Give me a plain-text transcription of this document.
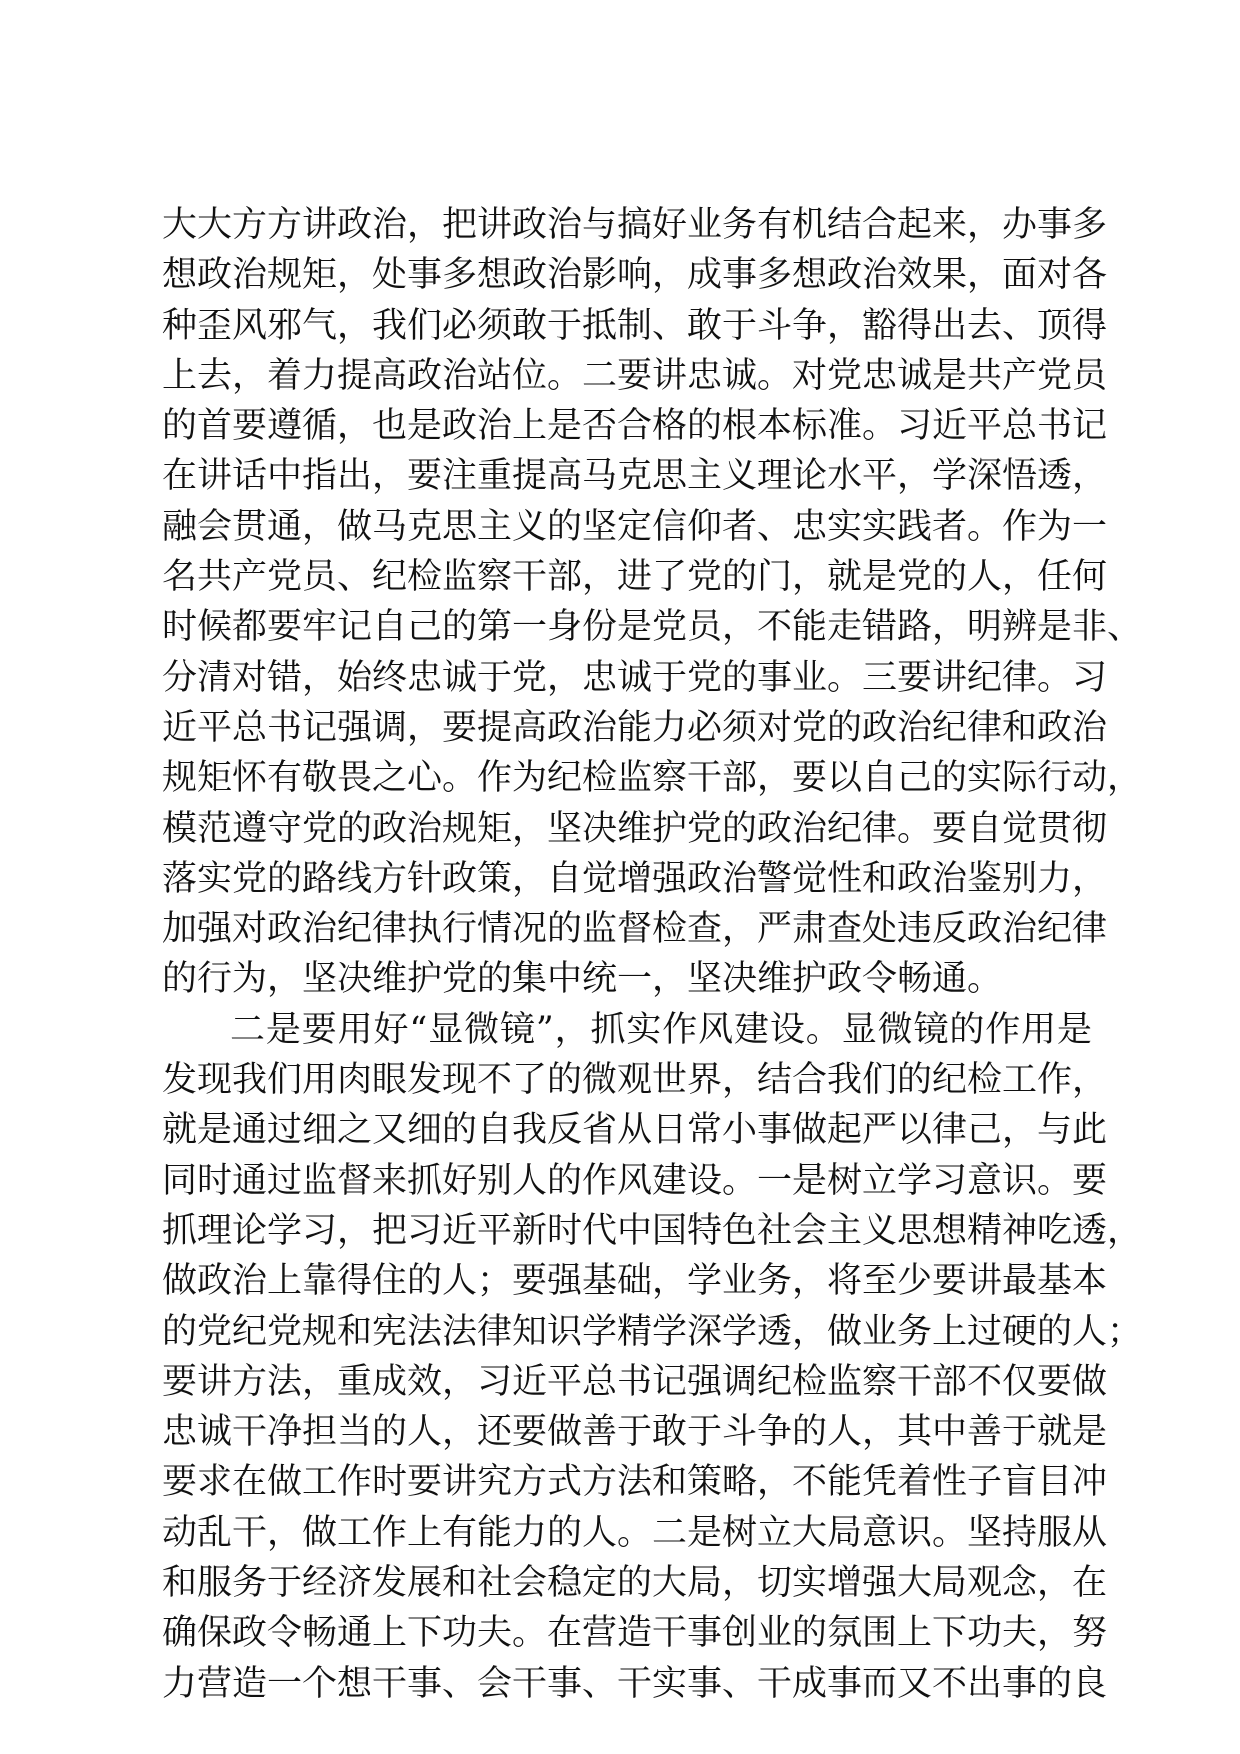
大大方方讲政治，把讲政治与搞好业务有机结合起来，办事多
想政治规矩，处事多想政治影响，成事多想政治效果，面对各
种歪风邪气，我们必须敢于抵制、敢于斗争，豁得出去、顶得
上去，着力提高政治站位。二要讲忠诚。对党忠诚是共产党员
的首要遵循，也是政治上是否合格的根本标准。习近平总书记
在讲话中指出，要注重提高马克思主义理论水平，学深悟透，
融会贯通，做马克思主义的坚定信仰者、忠实实践者。作为一
名共产党员、纪检监察干部，进了党的门，就是党的人，任何
时候都要牢记自己的第一身份是党员，不能走错路，明辨是非、
分清对错，始终忠诚于党，忠诚于党的事业。三要讲纪律。习
近平总书记强调，要提高政治能力必须对党的政治纪律和政治
规矩怀有敬畏之心。作为纪检监察干部，要以自己的实际行动，
模范遵守党的政治规矩，坚决维护党的政治纪律。要自觉贯彻
落实党的路线方针政策，自觉增强政治警觉性和政治鉴别力，
加强对政治纪律执行情况的监督检查，严肃查处违反政治纪律
的行为，坚决维护党的集中统一，坚决维护政令畅通。
二是要用好“显微镜”，抓实作风建设。显微镜的作用是
发现我们用肉眼发现不了的微观世界，结合我们的纪检工作，
就是通过细之又细的自我反省从日常小事做起严以律己，与此
同时通过监督来抓好别人的作风建设。一是树立学习意识。要
抓理论学习，把习近平新时代中国特色社会主义思想精神吃透，
做政治上靠得住的人；要强基础，学业务，将至少要讲最基本
的党纪党规和宪法法律知识学精学深学透，做业务上过硬的人；
要讲方法，重成效，习近平总书记强调纪检监察干部不仅要做
忠诚干净担当的人，还要做善于敢于斗争的人，其中善于就是
要求在做工作时要讲究方式方法和策略，不能凭着性子盲目冲
动乱干，做工作上有能力的人。二是树立大局意识。坚持服从
和服务于经济发展和社会稳定的大局，切实增强大局观念，在
确保政令畅通上下功夫。在营造干事创业的氛围上下功夫，努
力营造一个想干事、会干事、干实事、干成事而又不出事的良
